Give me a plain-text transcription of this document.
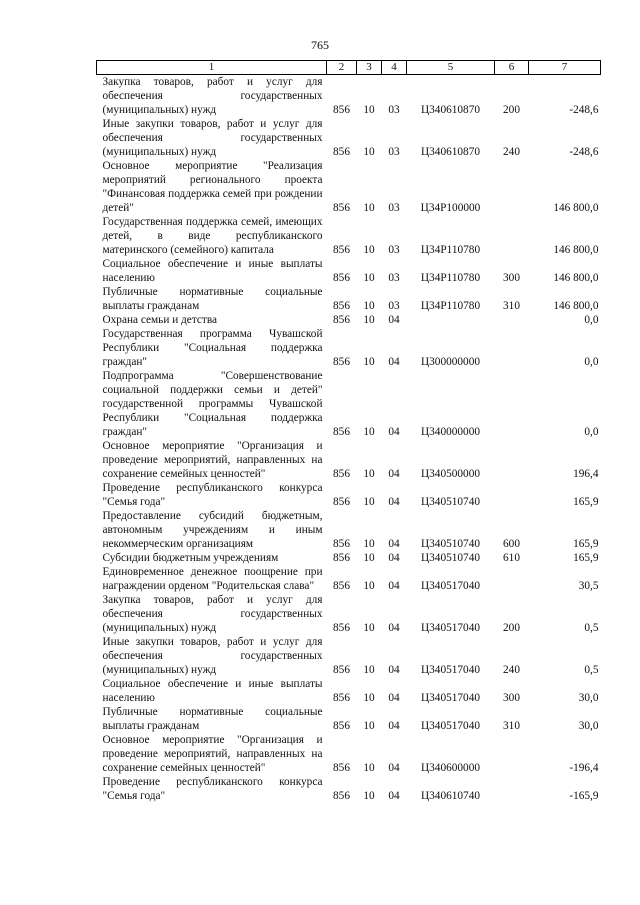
765
1	2	3	4	5	6	7
Закупка товаров, работ и услуг для обеспечения государственных (муниципальных) нужд	856	10	03	Ц340610870	200	-248,6
Иные закупки товаров, работ и услуг для обеспечения государственных (муниципальных) нужд	856	10	03	Ц340610870	240	-248,6
Основное мероприятие "Реализация мероприятий регионального проекта "Финансовая поддержка семей при рождении детей"	856	10	03	Ц34P100000		146 800,0
Государственная поддержка семей, имеющих детей, в виде республиканского материнского (семейного) капитала	856	10	03	Ц34P110780		146 800,0
Социальное обеспечение и иные выплаты населению	856	10	03	Ц34P110780	300	146 800,0
Публичные нормативные социальные выплаты гражданам	856	10	03	Ц34P110780	310	146 800,0
Охрана семьи и детства	856	10	04			0,0
Государственная программа Чувашской Республики "Социальная поддержка граждан"	856	10	04	Ц300000000		0,0
Подпрограмма "Совершенствование социальной поддержки семьи и детей" государственной программы Чувашской Республики "Социальная поддержка граждан"	856	10	04	Ц340000000		0,0
Основное мероприятие "Организация и проведение мероприятий, направленных на сохранение семейных ценностей"	856	10	04	Ц340500000		196,4
Проведение республиканского конкурса "Семья года"	856	10	04	Ц340510740		165,9
Предоставление субсидий бюджетным, автономным учреждениям и иным некоммерческим организациям	856	10	04	Ц340510740	600	165,9
Субсидии бюджетным учреждениям	856	10	04	Ц340510740	610	165,9
Единовременное денежное поощрение при награждении орденом "Родительская слава"	856	10	04	Ц340517040		30,5
Закупка товаров, работ и услуг для обеспечения государственных (муниципальных) нужд	856	10	04	Ц340517040	200	0,5
Иные закупки товаров, работ и услуг для обеспечения государственных (муниципальных) нужд	856	10	04	Ц340517040	240	0,5
Социальное обеспечение и иные выплаты населению	856	10	04	Ц340517040	300	30,0
Публичные нормативные социальные выплаты гражданам	856	10	04	Ц340517040	310	30,0
Основное мероприятие "Организация и проведение мероприятий, направленных на сохранение семейных ценностей"	856	10	04	Ц340600000		-196,4
Проведение республиканского конкурса "Семья года"	856	10	04	Ц340610740		-165,9
